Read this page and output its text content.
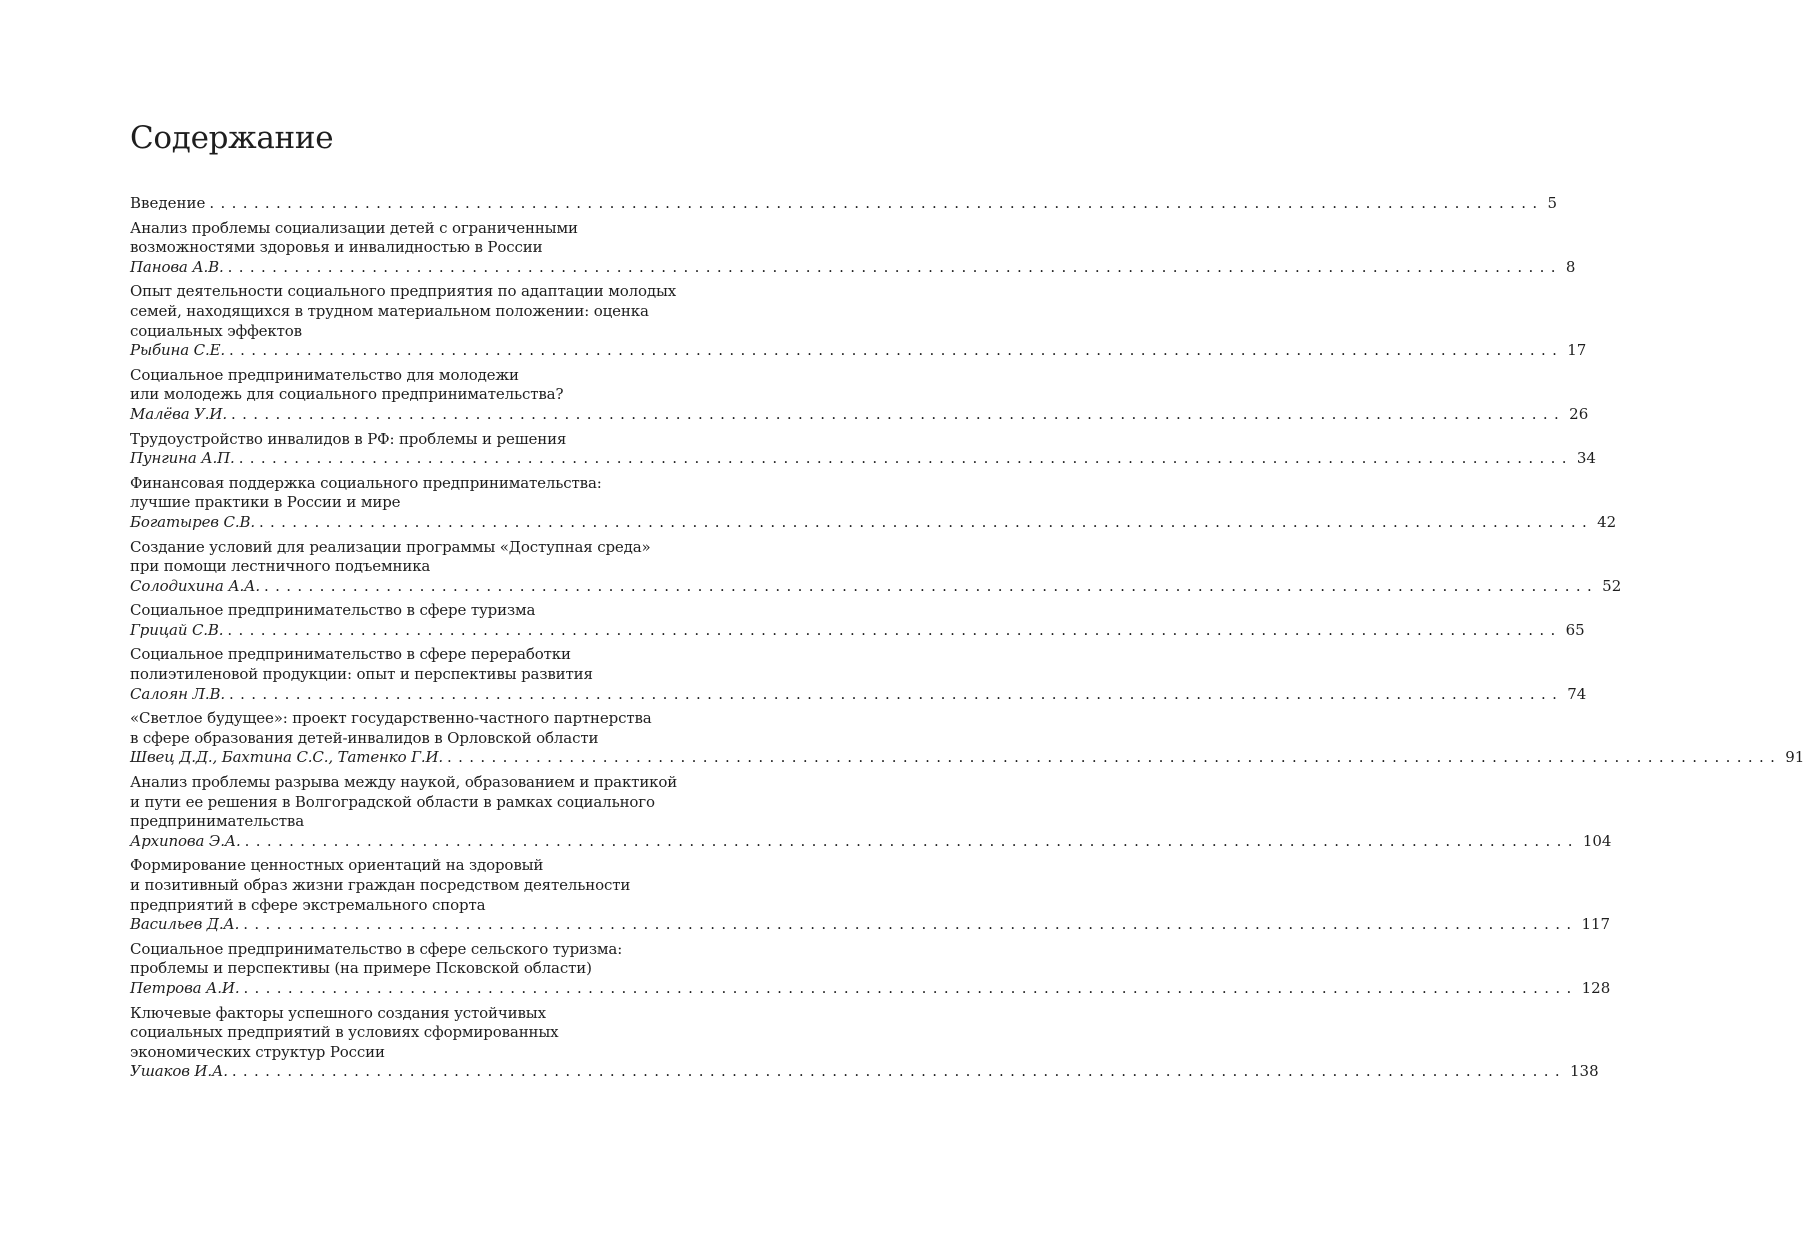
Содержание
Введение ........................................................................................................................ 5
Анализ проблемы социализации детей с ограниченными
возможностями здоровья и инвалидностью в России
Панова А.В. ........................................................................................................................ 8
Опыт деятельности социального предприятия по адаптации молодых
семей, находящихся в трудном материальном положении: оценка
социальных эффектов
Рыбина С.Е. ........................................................................................................................ 17
Социальное предпринимательство для молодежи
или молодежь для социального предпринимательства?
Малёва У.И. ........................................................................................................................ 26
Трудоустройство инвалидов в РФ: проблемы и решения
Пунгина А.П. ........................................................................................................................ 34
Финансовая поддержка социального предпринимательства:
лучшие практики в России и мире
Богатырев С.В. ........................................................................................................................ 42
Создание условий для реализации программы «Доступная среда»
при помощи лестничного подъемника
Солодихина А.А. ........................................................................................................................ 52
Социальное предпринимательство в сфере туризма
Грицай С.В. ........................................................................................................................ 65
Социальное предпринимательство в сфере переработки
полиэтиленовой продукции: опыт и перспективы развития
Салоян Л.В. ........................................................................................................................ 74
«Светлое будущее»: проект государственно-частного партнерства
в сфере образования детей-инвалидов в Орловской области
Швец Д.Д., Бахтина С.С., Татенко Г.И. ........................................................................................................................ 91
Анализ проблемы разрыва между наукой, образованием и практикой
и пути ее решения в Волгоградской области в рамках социального
предпринимательства
Архипова Э.А. ........................................................................................................................ 104
Формирование ценностных ориентаций на здоровый
и позитивный образ жизни граждан посредством деятельности
предприятий в сфере экстремального спорта
Васильев Д.А. ........................................................................................................................ 117
Социальное предпринимательство в сфере сельского туризма:
проблемы и перспективы (на примере Псковской области)
Петрова А.И. ........................................................................................................................ 128
Ключевые факторы успешного создания устойчивых
социальных предприятий в условиях сформированных
экономических структур России
Ушаков И.А. ........................................................................................................................ 138
